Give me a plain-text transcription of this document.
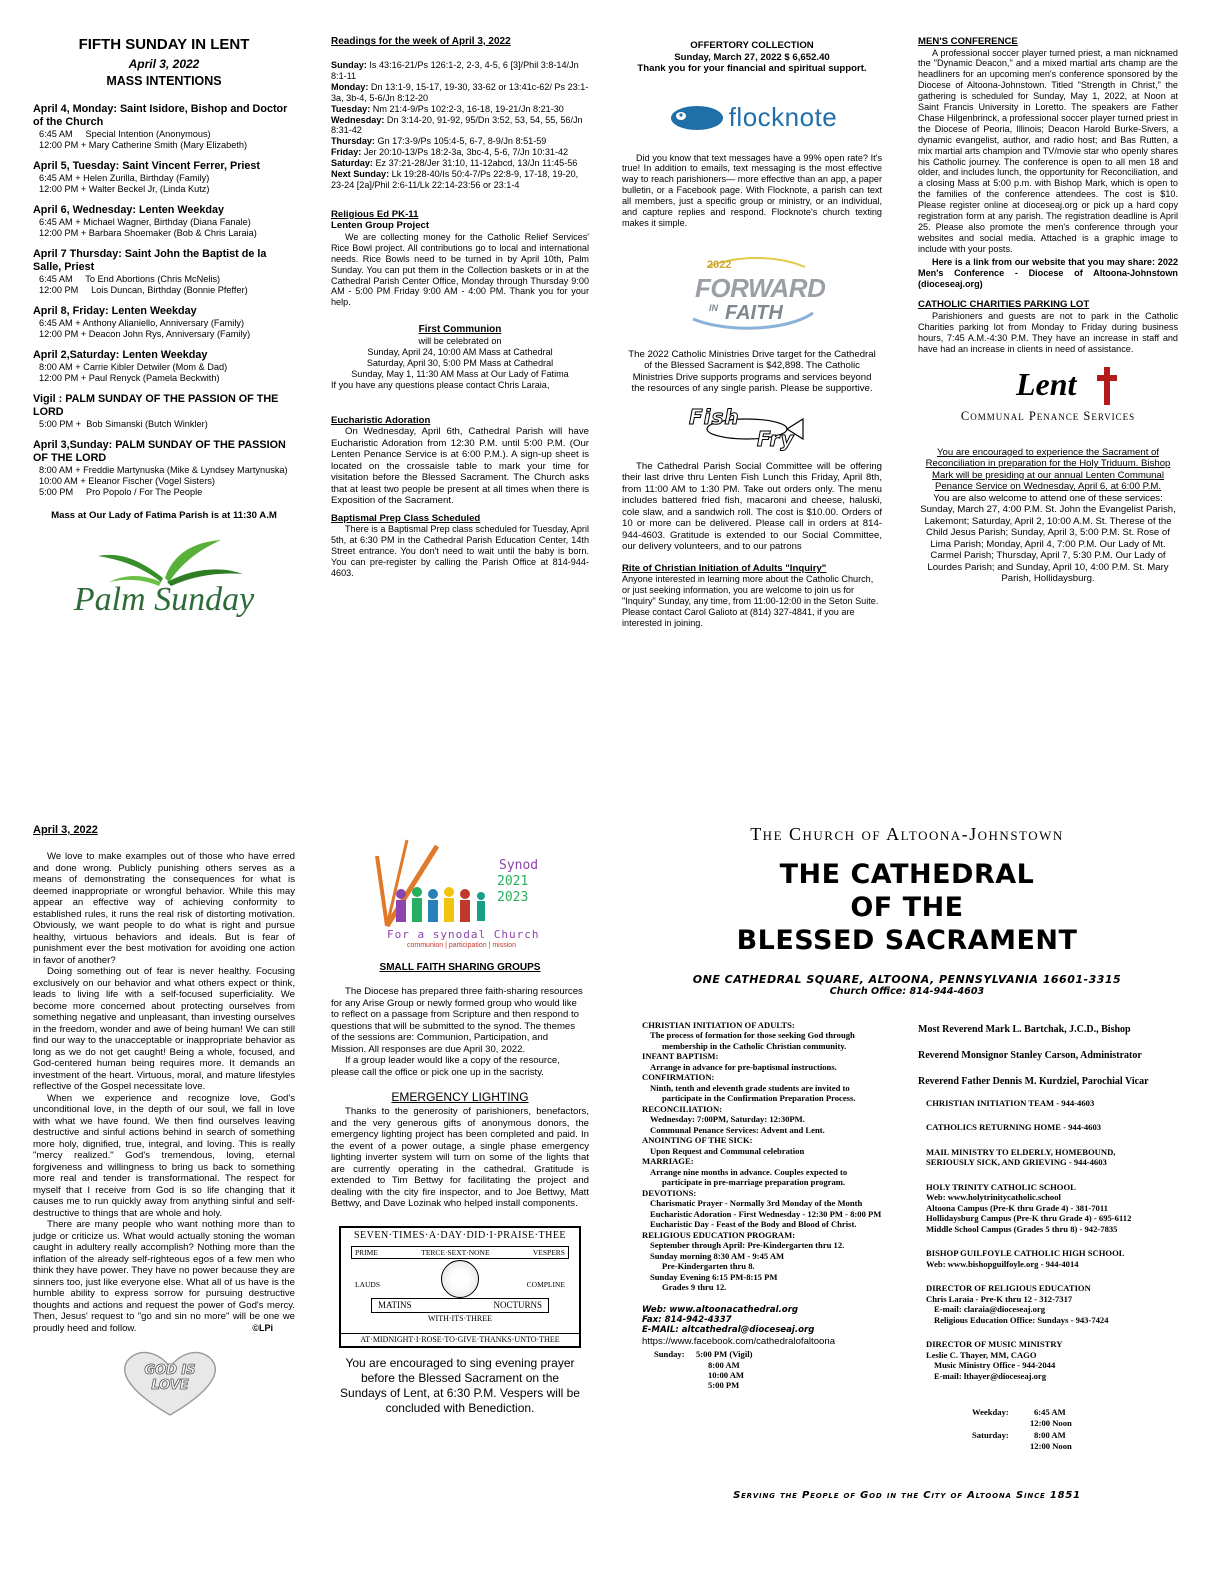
FIFTH SUNDAY IN LENT
April 3, 2022
MASS INTENTIONS
April 4, Monday: Saint Isidore, Bishop and Doctor of the Church
6:45 AM     Special Intention (Anonymous)
12:00 PM + Mary Catherine Smith (Mary Elizabeth)
April 5, Tuesday: Saint Vincent Ferrer, Priest
6:45 AM + Helen Zurilla, Birthday (Family)
12:00 PM + Walter Beckel Jr, (Linda Kutz)
April 6, Wednesday: Lenten Weekday
6:45 AM + Michael Wagner, Birthday (Diana Fanale)
12:00 PM + Barbara Shoemaker (Bob & Chris Laraia)
April 7 Thursday: Saint John the Baptist de la Salle, Priest
6:45 AM     To End Abortions (Chris McNelis)
12:00 PM     Lois Duncan, Birthday (Bonnie Pfeffer)
April 8, Friday: Lenten Weekday
6:45 AM + Anthony Alianiello, Anniversary (Family)
12:00 PM + Deacon John Rys, Anniversary (Family)
April 2,Saturday: Lenten Weekday
8:00 AM + Carrie Kibler Detwiler (Mom & Dad)
12:00 PM + Paul Renyck (Pamela Beckwith)
Vigil : PALM SUNDAY OF THE PASSION OF THE LORD
5:00 PM +  Bob Simanski (Butch Winkler)
April 3,Sunday: PALM SUNDAY OF THE PASSION OF THE LORD
8:00 AM + Freddie Martynuska (Mike & Lyndsey Martynuska)
10:00 AM + Eleanor Fischer (Vogel Sisters)
5:00 PM     Pro Popolo / For The People
Mass at Our Lady of Fatima Parish is at 11:30 A.M
Palm Sunday
Readings for the week of April 3, 2022

Sunday: Is 43:16-21/Ps 126:1-2, 2-3, 4-5, 6 [3]/Phil 3:8-14/Jn 8:1-11

Monday: Dn 13:1-9, 15-17, 19-30, 33-62 or 13:41c-62/ Ps 23:1-3a, 3b-4, 5-6/Jn 8:12-20

Tuesday: Nm 21:4-9/Ps 102:2-3, 16-18, 19-21/Jn 8:21-30

Wednesday: Dn 3:14-20, 91-92, 95/Dn 3:52, 53, 54, 55, 56/Jn 8:31-42

Thursday: Gn 17:3-9/Ps 105:4-5, 6-7, 8-9/Jn 8:51-59

Friday: Jer 20:10-13/Ps 18:2-3a, 3bc-4, 5-6, 7/Jn 10:31-42

Saturday: Ez 37:21-28/Jer 31:10, 11-12abcd, 13/Jn 11:45-56

Next Sunday: Lk 19:28-40/Is 50:4-7/Ps 22:8-9, 17-18, 19-20, 23-24 [2a]/Phil 2:6-11/Lk 22:14-23:56 or 23:1-4

Religious Ed PK-11
Lenten Group Project

We are collecting money for the Catholic Relief Services' Rice Bowl project. All contributions go to local and international needs. Rice Bowls need to be turned in by April 10th, Palm Sunday. You can put them in the Collection baskets or in at the Cathedral Parish Center Office, Monday through Thursday 9:00 AM - 5:00 PM Friday 9:00 AM - 4:00 PM. Thank you for your help.

First Communion
will be celebrated on
Sunday, April 24, 10:00 AM Mass at Cathedral
Saturday, April 30, 5:00 PM Mass at Cathedral
Sunday, May 1, 11:30 AM Mass at Our Lady of Fatima
If you have any questions please contact Chris Laraia,
Eucharistic Adoration

On Wednesday, April 6th, Cathedral Parish will have Eucharistic Adoration from 12:30 P.M. until 5:00 P.M. (Our Lenten Penance Service is at 6:00 P.M.). A sign-up sheet is located on the crossaisle table to mark your time for visitation before the Blessed Sacrament. The Church asks that at least two people be present at all times when there is Exposition of the Sacrament.

Baptismal Prep Class Scheduled

There is a Baptismal Prep class scheduled for Tuesday, April 5th, at 6:30 PM in the Cathedral Parish Education Center, 14th Street entrance. You don't need to wait until the baby is born. You can pre-register by calling the Parish Office at 814-944-4603.

OFFERTORY COLLECTION
Sunday, March 27, 2022 $ 6,652.40
Thank you for your financial and spiritual support.
flocknote

Did you know that text messages have a 99% open rate? It's true! In addition to emails, text messaging is the most effective way to reach parishioners— more effective than an app, a paper bulletin, or a Facebook page. With Flocknote, a parish can text all members, just a specific group or ministry, or an individual, and capture replies and respond. Flocknote's church texting makes it simple.

2022
FORWARD
IN FAITH

The 2022 Catholic Ministries Drive target for the Cathedral of the Blessed Sacrament is $42,898. The Catholic Ministries Drive supports programs and services beyond the resources of any single parish. Please be supportive.

Fish
Fry

The Cathedral Parish Social Committee will be offering their last drive thru Lenten Fish Lunch this Friday, April 8th, from 11:00 AM to 1:30 PM. Take out orders only. The menu includes battered fried fish, macaroni and cheese, haluski, cole slaw, and a sandwich roll. The cost is $10.00. Orders of 10 or more can be delivered. Please call in orders at 814-944-4603. Gratitude is extended to our Social Committee, our delivery volunteers, and to our patrons

Rite of Christian Initiation of Adults "Inquiry"

Anyone interested in learning more about the Catholic Church, or just seeking information, you are welcome to join us for "Inquiry" Sunday, any time, from 11:00-12:00 in the Seton Suite. Please contact Carol Galioto at (814) 327-4841, if you are interested in joining.

MEN'S CONFERENCE

A professional soccer player turned priest, a man nicknamed the "Dynamic Deacon," and a mixed martial arts champ are the headliners for an upcoming men's conference sponsored by the Diocese of Altoona-Johnstown. Titled "Strength in Christ," the gathering is scheduled for Sunday, May 1, 2022, at Noon at Saint Francis University in Loretto. The speakers are Father Chase Hilgenbrinck, a professional soccer player turned priest in the Diocese of Peoria, Illinois; Deacon Harold Burke-Sivers, a dynamic evangelist, author, and radio host; and Bas Rutten, a mix martial arts champion and TV/movie star who openly shares his Catholic journey. The conference is open to all men 18 and older, and includes lunch, the opportunity for Reconciliation, and a closing Mass at 5:00 p.m. with Bishop Mark, which is open to the families of the conference attendees. The cost is $10. Please register online at dioceseaj.org or pick up a hard copy registration form at any parish. The registration deadline is April 25. Please also promote the men's conference through your websites and social media. Attached is a graphic image to include with your posts.

Here is a link from our website that you may share: 2022 Men's Conference - Diocese of Altoona-Johnstown (dioceseaj.org)

CATHOLIC CHARITIES PARKING LOT

Parishioners and guests are not to park in the Catholic Charities parking lot from Monday to Friday during business hours, 7:45 A.M.-4:30 P.M. They have an increase in staff and have had an increase in clients in need of assistance.

Lent
Communal Penance Services

You are encouraged to experience the Sacrament of Reconciliation in preparation for the Holy Triduum. Bishop Mark will be presiding at our annual Lenten Communal Penance Service on Wednesday, April 6, at 6:00 P.M.

You are also welcome to attend one of these services: Sunday, March 27, 4:00 P.M. St. John the Evangelist Parish, Lakemont; Saturday, April 2, 10:00 A.M. St. Therese of the Child Jesus Parish; Sunday, April 3, 5:00 P.M. St. Rose of Lima Parish; Monday, April 4, 7:00 P.M. Our Lady of Mt. Carmel Parish; Thursday, April 7, 5:30 P.M. Our Lady of Lourdes Parish; and Sunday, April 10, 4:00 P.M. St. Mary Parish, Hollidaysburg.

April 3, 2022

We love to make examples out of those who have erred and done wrong. Publicly punishing others serves as a means of demonstrating the consequences for what is deemed inappropriate or wrongful behavior. While this may appear an effective way of achieving conformity to established rules, it runs the real risk of distorting motivation. Obviously, we want people to do what is right and pursue healthy, virtuous behaviors and ideals. But is fear of punishment ever the best motivation for avoiding one action in favor of another?

Doing something out of fear is never healthy. Focusing exclusively on our behavior and what others expect or think, leads to living life with a self-focused superficiality. We become more concerned about protecting ourselves from something negative and unpleasant, than investing ourselves in the freedom, wonder and awe of being human! We can still find our way to the unacceptable or inappropriate behavior as long as we do not get caught! Being a whole, focused, and God-centered human being requires more. It demands an investment of the heart. Virtuous, moral, and mature lifestyles reflective of the Gospel necessitate love.

When we experience and recognize love, God's unconditional love, in the depth of our soul, we fall in love with what we have found. We then find ourselves leaving destructive and sinful actions behind in search of something more holy, dignified, true, integral, and loving. This is really "mercy realized." God's tremendous, loving, eternal forgiveness and willingness to bring us back to something more real and tender is transformational. The respect for myself that I receive from God is so life changing that it causes me to run quickly away from anything sinful and self-destructive to things that are whole and holy.

There are many people who want nothing more than to judge or criticize us. What would actually stoning the woman caught in adultery really accomplish? Nothing more than the inflation of the already self-righteous egos of a few men who think they have power. They have no power because they are sinners too, just like everyone else. What all of us have is the humble ability to express sorrow for pursuing destructive thoughts and actions and request the power of God's mercy. Then, Jesus' request to "go and sin no more" will be one we proudly heed and follow.	©LPi
GOD IS LOVE
Synod
2021 2023
For a synodal Church
communion | participation | mission
SMALL FAITH SHARING GROUPS

The Diocese has prepared three faith-sharing resources for any Arise Group or newly formed group who would like to reflect on a passage from Scripture and then respond to questions that will be submitted to the synod. The themes of the sessions are: Communion, Participation, and Mission. All responses are due April 30, 2022.

If a group leader would like a copy of the resource, please call the office or pick one up in the sacristy.

EMERGENCY LIGHTING

Thanks to the generosity of parishioners, benefactors, and the very generous gifts of anonymous donors, the emergency lighting project has been completed and paid. In the event of a power outage, a single phase emergency lighting inverter system will turn on some of the lights that are currently operating in the cathedral. Gratitude is extended to Tim Bettwy for facilitating the project and dealing with the city fire inspector, and to Joe Bettwy, Matt Bettwy, and Dave Lozinak who helped install components.

SEVEN·TIMES·A·DAY·DID·I·PRAISE·THEE
PRIME	TERCE·SEXT·NONE	VESPERS
LAUDS	COMPLINE
MATINS	NOCTURNS
WITH·ITS·THREE
AT·MIDNIGHT·I·ROSE·TO·GIVE·THANKS·UNTO·THEE

You are encouraged to sing evening prayer before the Blessed Sacrament on the Sundays of Lent, at 6:30 P.M. Vespers will be concluded with Benediction.

The Church of Altoona-Johnstown
THE CATHEDRAL
OF THE
BLESSED SACRAMENT
ONE CATHEDRAL SQUARE, ALTOONA, PENNSYLVANIA 16601-3315
Church Office: 814-944-4603
CHRISTIAN INITIATION OF ADULTS:
The process of formation for those seeking God through
membership in the Catholic Christian community.
INFANT BAPTISM:
Arrange in advance for pre-baptismal instructions.
CONFIRMATION:
Ninth, tenth and eleventh grade students are invited to
participate in the Confirmation Preparation Process.
RECONCILIATION:
Wednesday: 7:00PM, Saturday: 12:30PM.
Communal Penance Services: Advent and Lent.
ANOINTING OF THE SICK:
Upon Request and Communal celebration
MARRIAGE:
Arrange nine months in advance. Couples expected to
participate in pre-marriage preparation program.
DEVOTIONS:
Charismatic Prayer - Normally 3rd Monday of the Month
Eucharistic Adoration - First Wednesday - 12:30 PM - 8:00 PM
Eucharistic Day - Feast of the Body and Blood of Christ.
RELIGIOUS EDUCATION PROGRAM:
September through April: Pre-Kindergarten thru 12.
Sunday morning 8:30 AM - 9:45 AM
Pre-Kindergarten thru 8.
Sunday Evening 6:15 PM-8:15 PM
Grades 9 thru 12.
Web: www.altoonacathedral.org
Fax: 814-942-4337
E-MAIL: altcathedral@dioceseaj.org
https://www.facebook.com/cathedralofaltoona
Sunday:	5:00 PM (Vigil)
8:00 AM
10:00 AM
5:00 PM
Most Reverend Mark L. Bartchak, J.C.D., Bishop
Reverend Monsignor Stanley Carson, Administrator
Reverend Father Dennis M. Kurdziel, Parochial Vicar
CHRISTIAN INITIATION TEAM - 944-4603
CATHOLICS RETURNING HOME - 944-4603
MAIL MINISTRY TO ELDERLY, HOMEBOUND,
SERIOUSLY SICK, AND GRIEVING - 944-4603
HOLY TRINITY CATHOLIC SCHOOL
Web: www.holytrinitycatholic.school
Altoona Campus (Pre-K thru Grade 4) - 381-7011
Hollidaysburg Campus (Pre-K thru Grade 4) - 695-6112
Middle School Campus (Grades 5 thru 8) - 942-7835
BISHOP GUILFOYLE CATHOLIC HIGH SCHOOL
Web: www.bishopguilfoyle.org - 944-4014
DIRECTOR OF RELIGIOUS EDUCATION
Chris Laraia - Pre-K thru 12 - 312-7317
E-mail: claraia@dioceseaj.org
Religious Education Office: Sundays - 943-7424
DIRECTOR OF MUSIC MINISTRY
Leslie C. Thayer, MM, CAGO
Music Ministry Office - 944-2044
E-mail: lthayer@dioceseaj.org
Weekday:	6:45 AM
12:00 Noon
Saturday:	8:00 AM
12:00 Noon
Serving the People of God in the City of Altoona Since 1851
